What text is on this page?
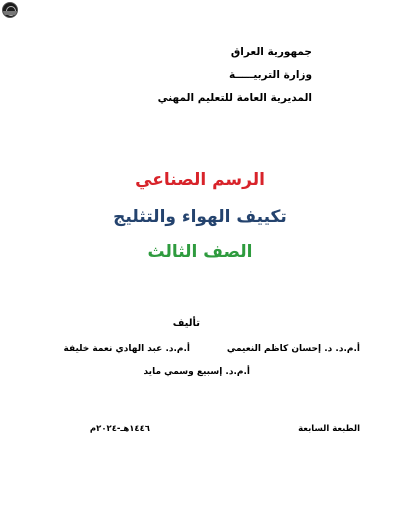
جمهورية العراق
وزارة التربيـــــة
المديرية العامة للتعليم المهني
الرسم الصناعي
تكييف الهواء والتثليج
الصف الثالث
تأليف
أ.م.د. عبد الهادي نعمة خليفة	أ.م.د. د. إحسان كاظم النعيمي
أ.م.د. إسبيع وسمي مايد
الطبعة السابعة
١٤٤٦هـ-٢٠٢٤م
